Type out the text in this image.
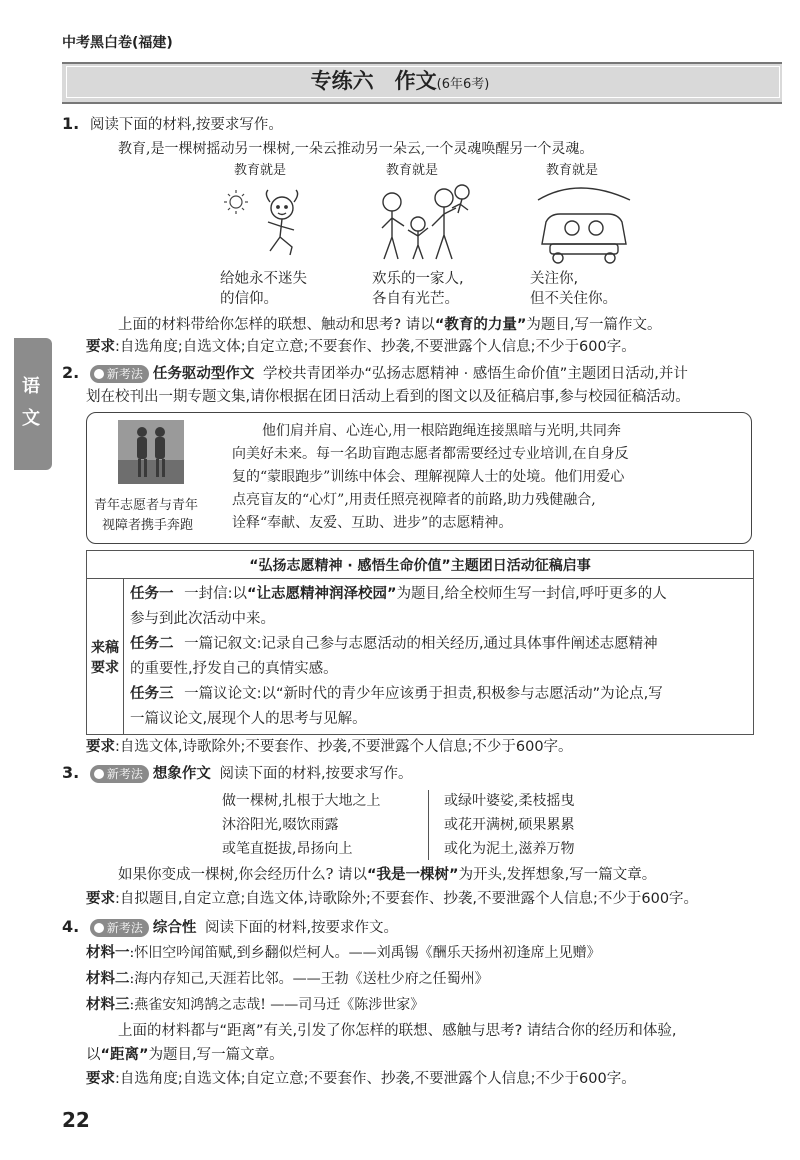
中考黑白卷(福建)
专练六　作文(6年6考)
语
文
1. 阅读下面的材料,按要求写作。
教育,是一棵树摇动另一棵树,一朵云推动另一朵云,一个灵魂唤醒另一个灵魂。
教育就是
给她永不迷失
的信仰。
教育就是
欢乐的一家人,
各自有光芒。
教育就是
关注你,
但不关住你。
上面的材料带给你怎样的联想、触动和思考? 请以“教育的力量”为题目,写一篇作文。
要求:自选角度;自选文体;自定立意;不要套作、抄袭,不要泄露个人信息;不少于600字。
2. 新考法 任务驱动型作文 学校共青团举办“弘扬志愿精神 · 感悟生命价值”主题团日活动,并计
划在校刊出一期专题文集,请你根据在团日活动上看到的图文以及征稿启事,参与校园征稿活动。
青年志愿者与青年
视障者携手奔跑
他们肩并肩、心连心,用一根陪跑绳连接黑暗与光明,共同奔
向美好未来。每一名助盲跑志愿者都需要经过专业培训,在自身反
复的“蒙眼跑步”训练中体会、理解视障人士的处境。他们用爱心
点亮盲友的“心灯”,用责任照亮视障者的前路,助力残健融合,
诠释“奉献、友爱、互助、进步”的志愿精神。
“弘扬志愿精神 · 感悟生命价值”主题团日活动征稿启事

来稿
要求

任务一 一封信:以“让志愿精神润泽校园”为题目,给全校师生写一封信,呼吁更多的人
参与到此次活动中来。
任务二 一篇记叙文:记录自己参与志愿活动的相关经历,通过具体事件阐述志愿精神
的重要性,抒发自己的真情实感。
任务三 一篇议论文:以“新时代的青少年应该勇于担责,积极参与志愿活动”为论点,写
一篇议论文,展现个人的思考与见解。
要求:自选文体,诗歌除外;不要套作、抄袭,不要泄露个人信息;不少于600字。
3. 新考法 想象作文 阅读下面的材料,按要求写作。
做一棵树,扎根于大地之上
沐浴阳光,啜饮雨露
或笔直挺拔,昂扬向上
或绿叶婆娑,柔枝摇曳
或花开满树,硕果累累
或化为泥土,滋养万物
如果你变成一棵树,你会经历什么? 请以“我是一棵树”为开头,发挥想象,写一篇文章。
要求:自拟题目,自定立意;自选文体,诗歌除外;不要套作、抄袭,不要泄露个人信息;不少于600字。
4. 新考法 综合性 阅读下面的材料,按要求作文。
材料一:怀旧空吟闻笛赋,到乡翻似烂柯人。——刘禹锡《酬乐天扬州初逢席上见赠》
材料二:海内存知己,天涯若比邻。——王勃《送杜少府之任蜀州》
材料三:燕雀安知鸿鹄之志哉! ——司马迁《陈涉世家》
上面的材料都与“距离”有关,引发了你怎样的联想、感触与思考? 请结合你的经历和体验,
以“距离”为题目,写一篇文章。
要求:自选角度;自选文体;自定立意;不要套作、抄袭,不要泄露个人信息;不少于600字。
22
